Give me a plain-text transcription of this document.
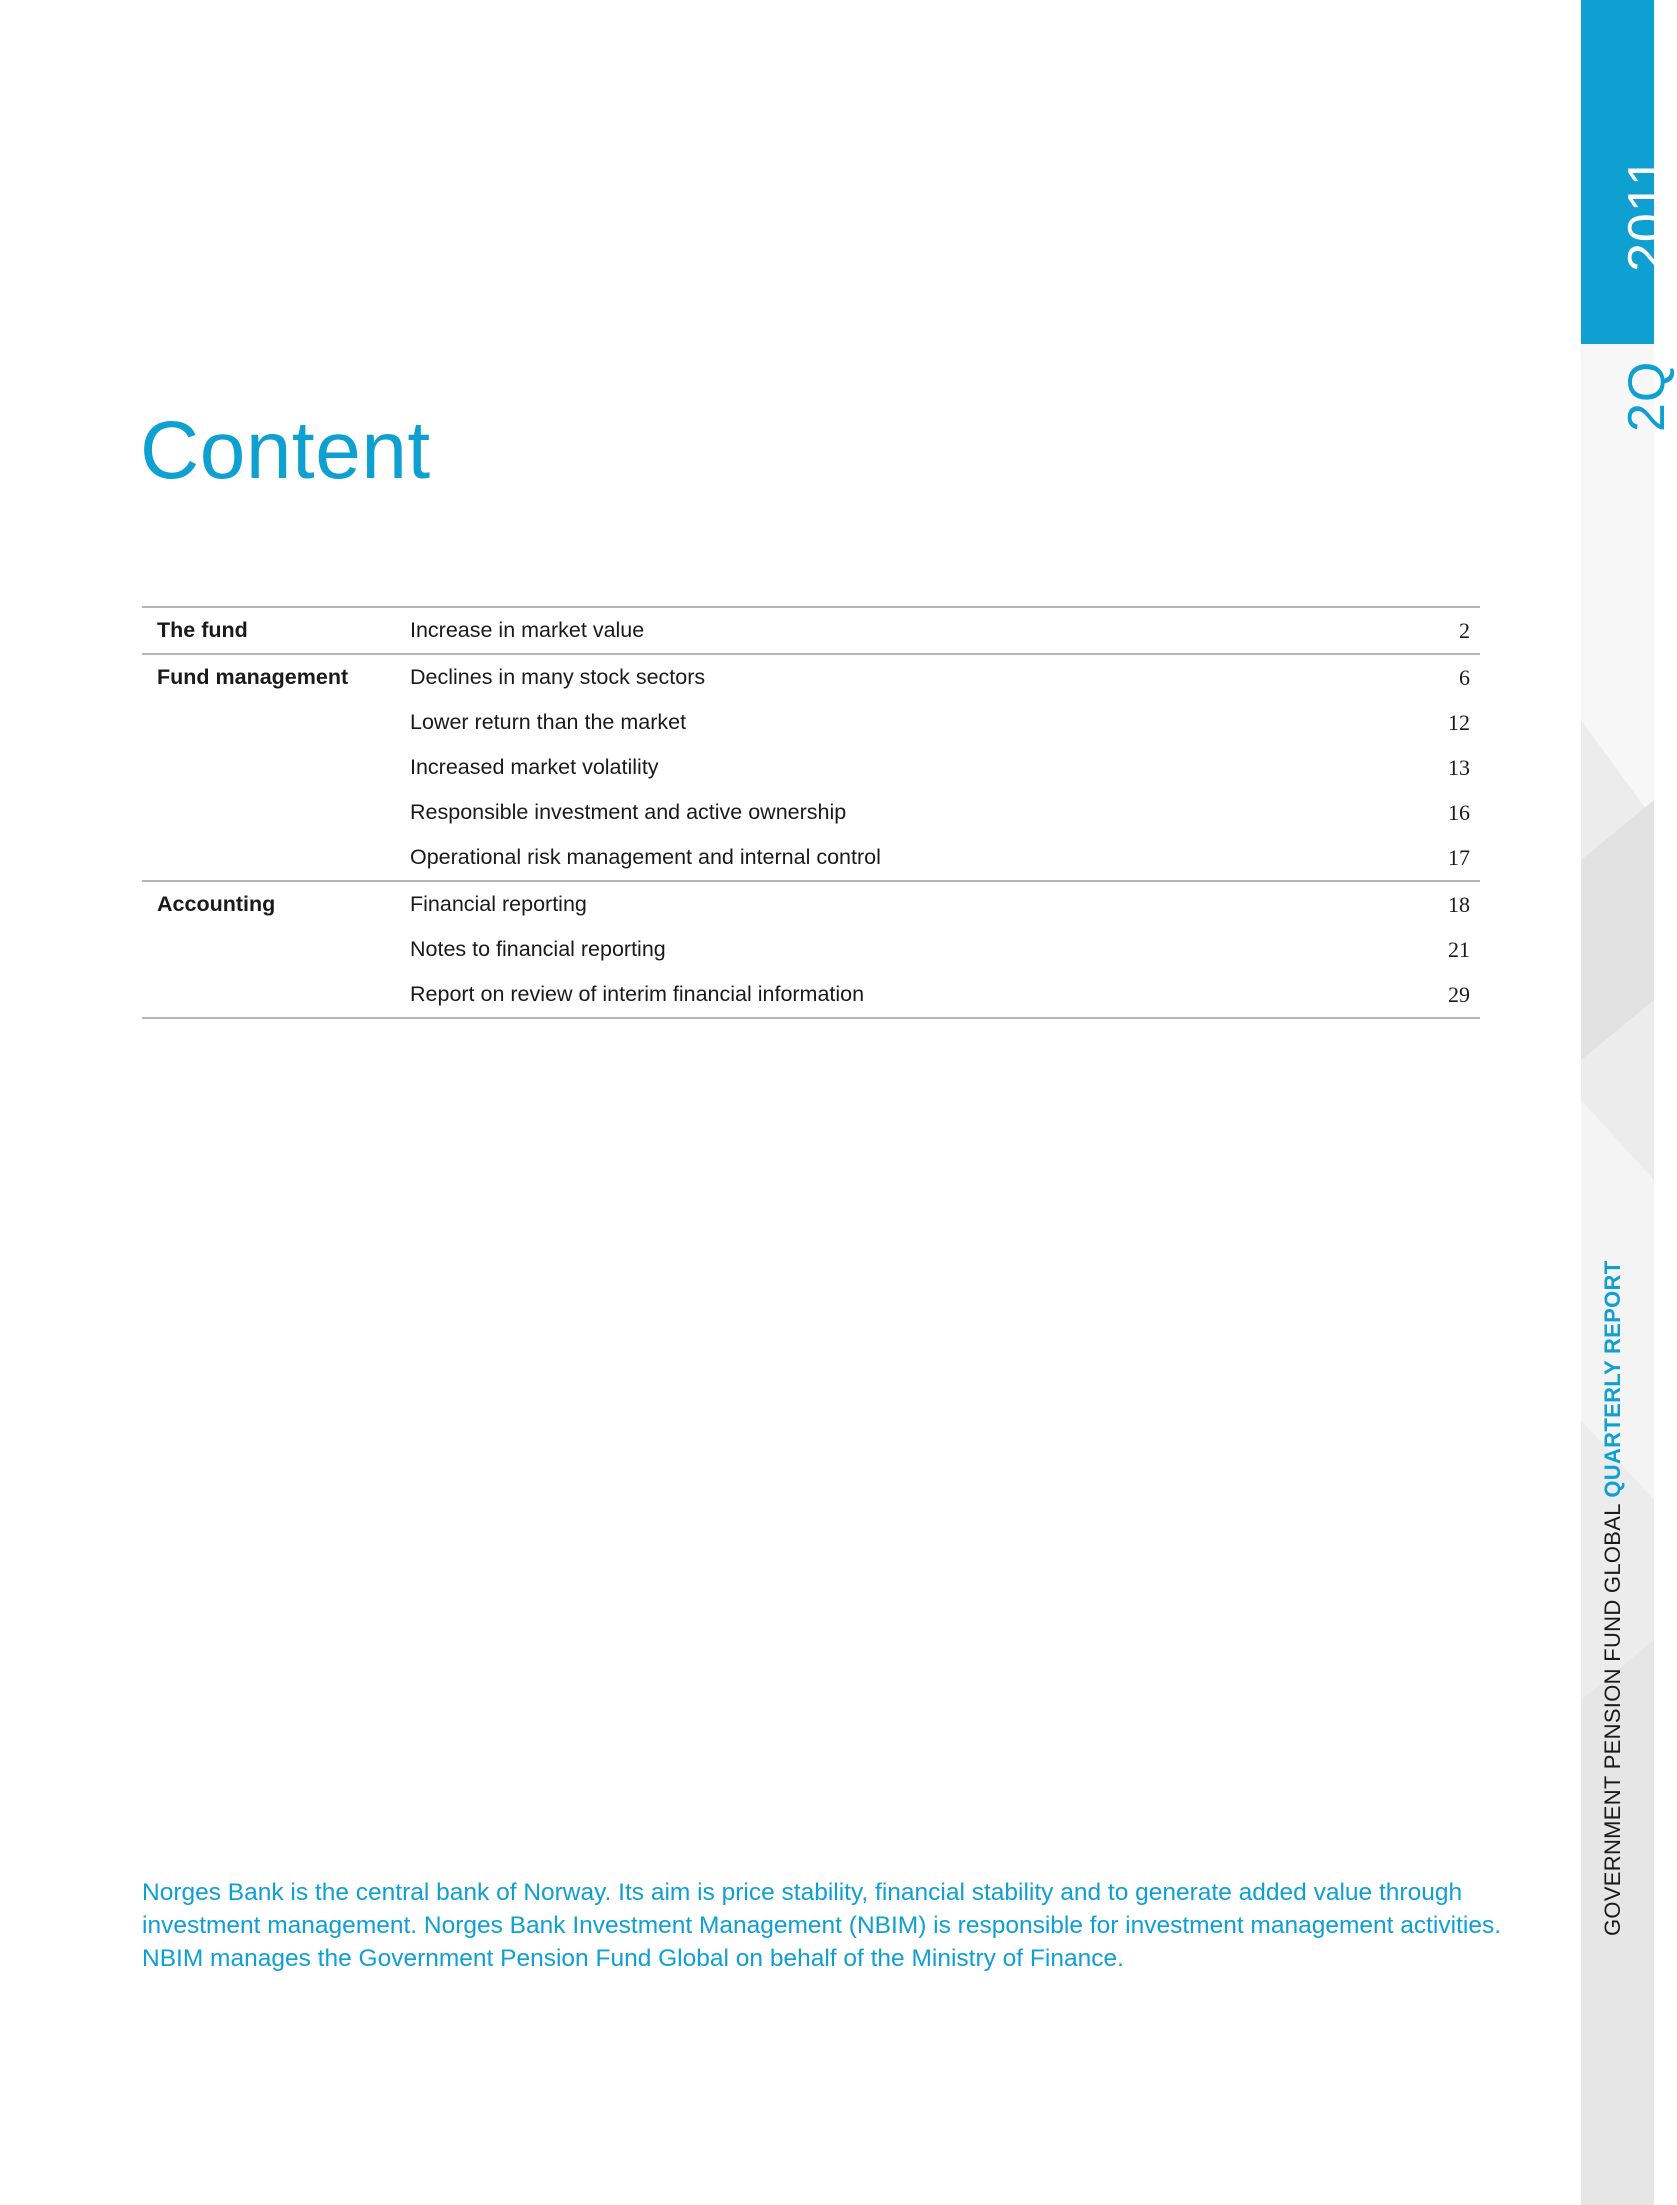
2011
2Q
GOVERNMENT PENSION FUND GLOBAL QUARTERLY REPORT
Content
The fund	Increase in market value	2
Fund management	Declines in many stock sectors	6
Lower return than the market	12
Increased market volatility	13
Responsible investment and active ownership	16
Operational risk management and internal control	17
Accounting	Financial reporting	18
Notes to financial reporting	21
Report on review of interim financial information	29

Norges Bank is the central bank of Norway. Its aim is price stability, financial stability and to generate added value through investment management. Norges Bank Investment Management (NBIM) is responsible for investment management activities. NBIM manages the Government Pension Fund Global on behalf of the Ministry of Finance.
